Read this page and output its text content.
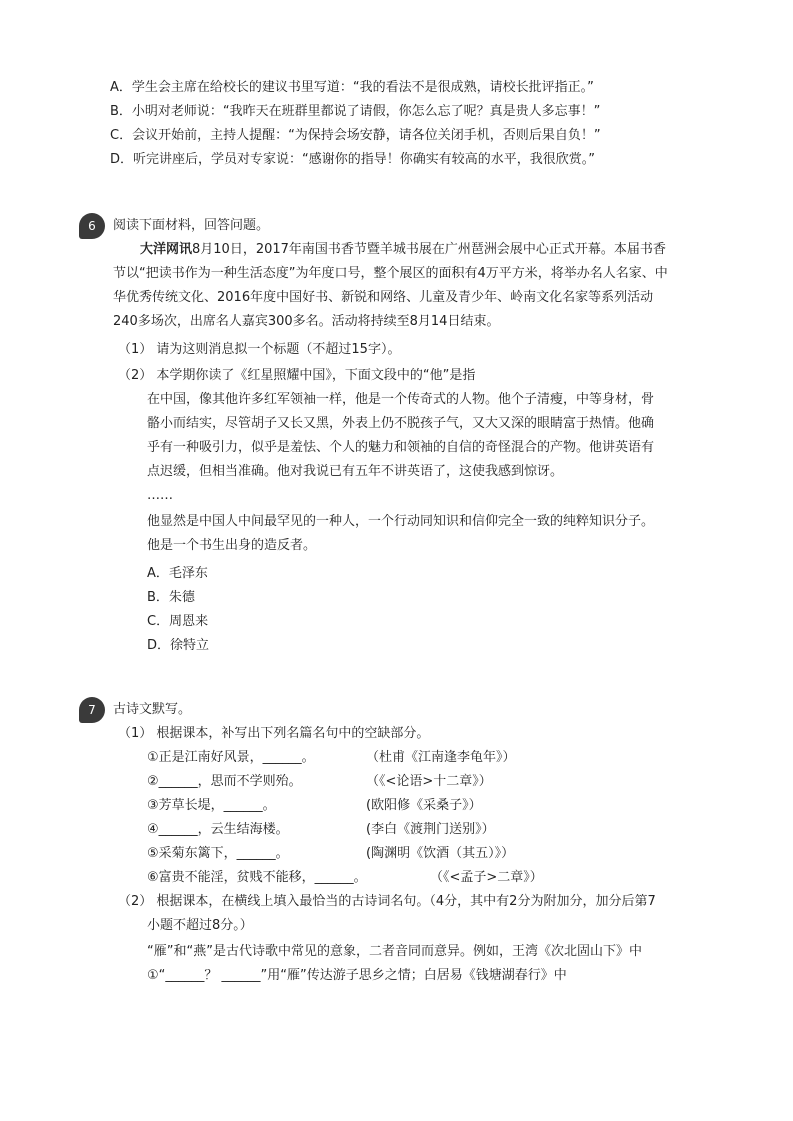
A．学生会主席在给校长的建议书里写道：“我的看法不是很成熟，请校长批评指正。”
B．小明对老师说：“我昨天在班群里都说了请假，你怎么忘了呢？真是贵人多忘事！”
C．会议开始前，主持人提醒：“为保持会场安静，请各位关闭手机，否则后果自负！”
D．听完讲座后，学员对专家说：“感谢你的指导！你确实有较高的水平，我很欣赏。”
6	阅读下面材料，回答问题。
大洋网讯8月10日，2017年南国书香节暨羊城书展在广州琶洲会展中心正式开幕。本届书香
节以“把读书作为一种生活态度”为年度口号，整个展区的面积有4万平方米，将举办名人名家、中
华优秀传统文化、2016年度中国好书、新锐和网络、儿童及青少年、岭南文化名家等系列活动
240多场次，出席名人嘉宾300多名。活动将持续至8月14日结束。
（1） 请为这则消息拟一个标题（不超过15字）。
（2） 本学期你读了《红星照耀中国》，下面文段中的“他”是指
在中国，像其他许多红军领袖一样，他是一个传奇式的人物。他个子清瘦，中等身材，骨
骼小而结实，尽管胡子又长又黑，外表上仍不脱孩子气，又大又深的眼睛富于热情。他确
乎有一种吸引力，似乎是羞怯、个人的魅力和领袖的自信的奇怪混合的产物。他讲英语有
点迟缓，但相当准确。他对我说已有五年不讲英语了，这使我感到惊讶。
……
他显然是中国人中间最罕见的一种人，一个行动同知识和信仰完全一致的纯粹知识分子。
他是一个书生出身的造反者。
A．毛泽东
B．朱德
C．周恩来
D．徐特立
7	古诗文默写。
（1） 根据课本，补写出下列名篇名句中的空缺部分。
①正是江南好风景，______。	（杜甫《江南逢李龟年》）
②______，思而不学则殆。	（《<论语>十二章》）
③芳草长堤，______。	(欧阳修《采桑子》）
④______，云生结海楼。	(李白《渡荆门送别》）
⑤采菊东篱下，______。	(陶渊明《饮酒（其五）》）
⑥富贵不能淫，贫贱不能移，______。	（《<孟子>二章》）
（2） 根据课本，在横线上填入最恰当的古诗词名句。（4分，其中有2分为附加分，加分后第7
小题不超过8分。）
“雁”和“燕”是古代诗歌中常见的意象，二者音同而意异。例如，王湾《次北固山下》中
①“______？ ______”用“雁”传达游子思乡之情；白居易《钱塘湖春行》中
